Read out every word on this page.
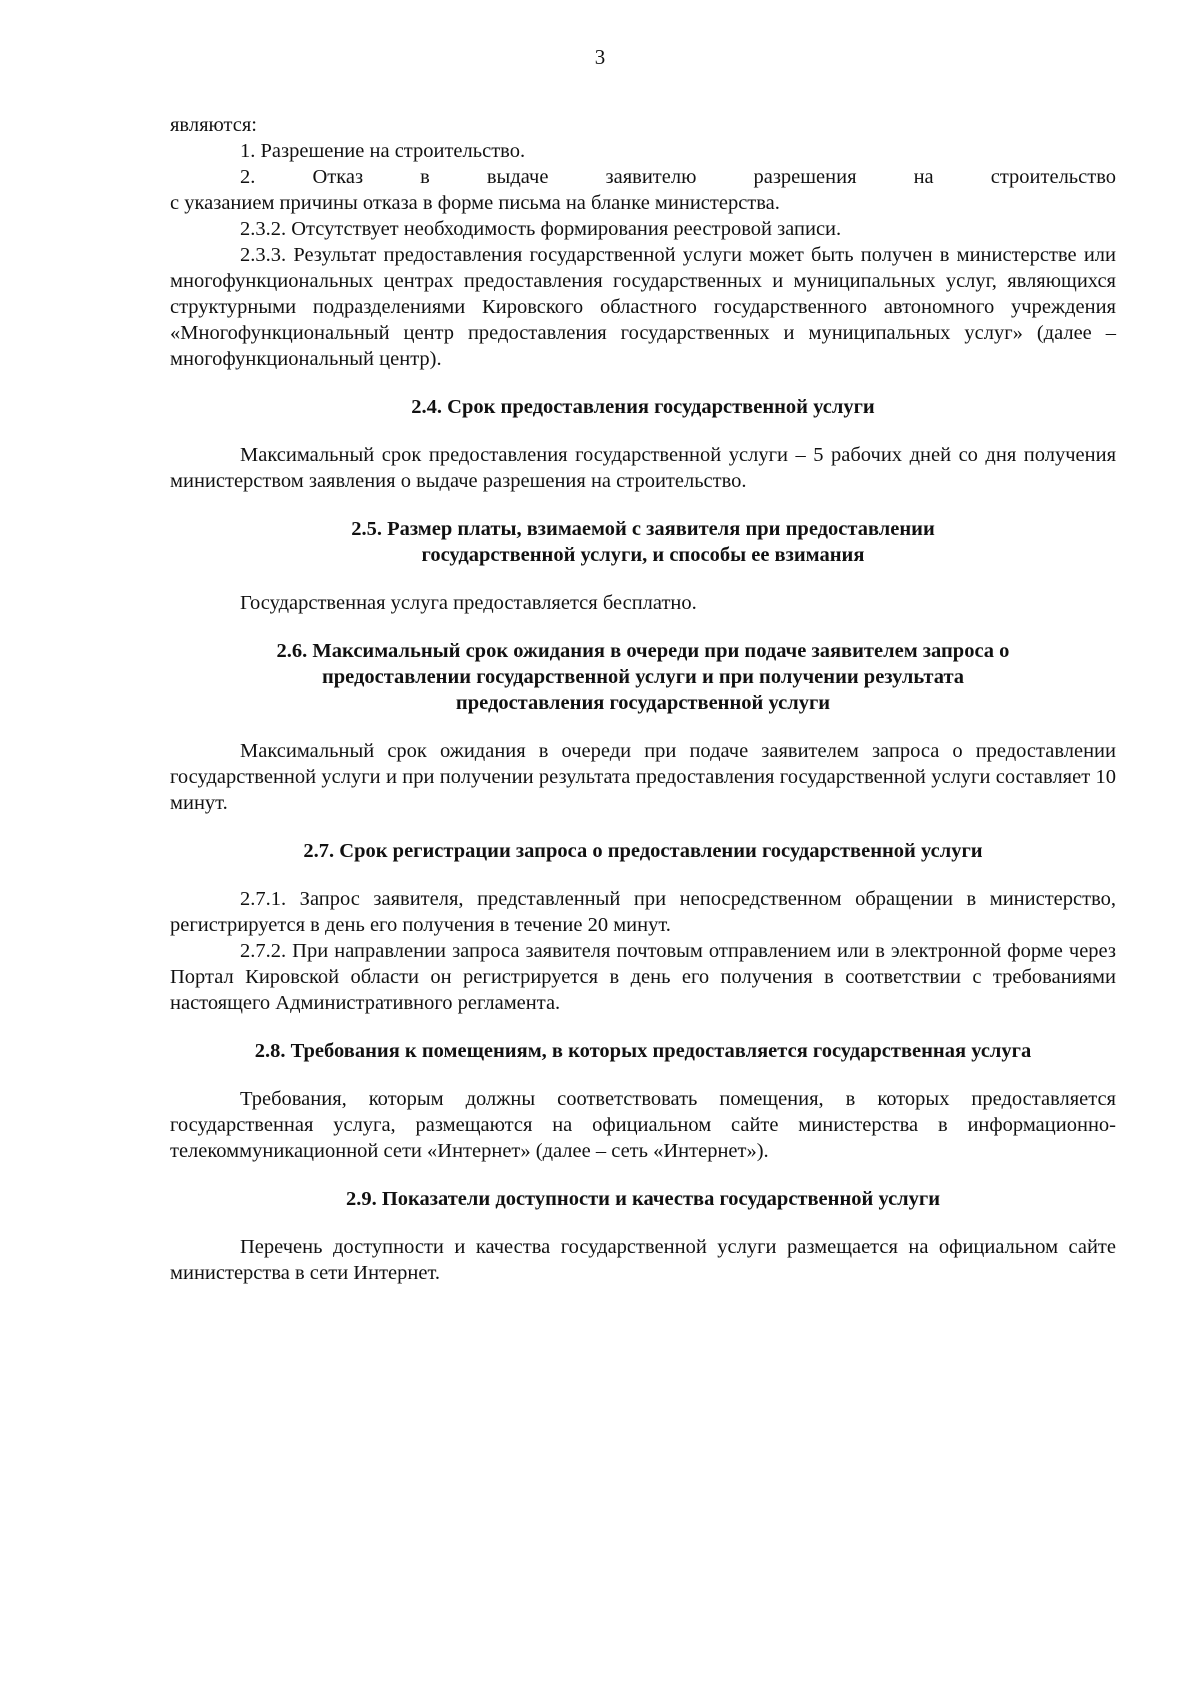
3

являются:

1. Разрешение на строительство.

2. Отказ в выдаче заявителю разрешения на строительство

с указанием причины отказа в форме письма на бланке министерства.

2.3.2. Отсутствует необходимость формирования реестровой записи.

2.3.3. Результат предоставления государственной услуги может быть получен в министерстве или многофункциональных центрах предоставления государственных и муниципальных услуг, являющихся структурными подразделениями Кировского областного государственного автономного учреждения «Многофункциональный центр предоставления государственных и муниципальных услуг» (далее – многофункциональный центр).

2.4. Срок предоставления государственной услуги

Максимальный срок предоставления государственной услуги – 5 рабочих дней со дня получения министерством заявления о выдаче разрешения на строительство.

2.5. Размер платы, взимаемой с заявителя при предоставлении
государственной услуги, и способы ее взимания

Государственная услуга предоставляется бесплатно.

2.6. Максимальный срок ожидания в очереди при подаче заявителем запроса о
предоставлении государственной услуги и при получении результата
предоставления государственной услуги

Максимальный срок ожидания в очереди при подаче заявителем запроса о предоставлении государственной услуги и при получении результата предоставления государственной услуги составляет 10 минут.

2.7. Срок регистрации запроса о предоставлении государственной услуги

2.7.1. Запрос заявителя, представленный при непосредственном обращении в министерство, регистрируется в день его получения в течение 20 минут.

2.7.2. При направлении запроса заявителя почтовым отправлением или в электронной форме через Портал Кировской области он регистрируется в день его получения в соответствии с требованиями настоящего Административного регламента.

2.8. Требования к помещениям, в которых предоставляется государственная услуга

Требования, которым должны соответствовать помещения, в которых предоставляется государственная услуга, размещаются на официальном сайте министерства в информационно-телекоммуникационной сети «Интернет» (далее – сеть «Интернет»).

2.9. Показатели доступности и качества государственной услуги

Перечень доступности и качества государственной услуги размещается на официальном сайте министерства в сети Интернет.
